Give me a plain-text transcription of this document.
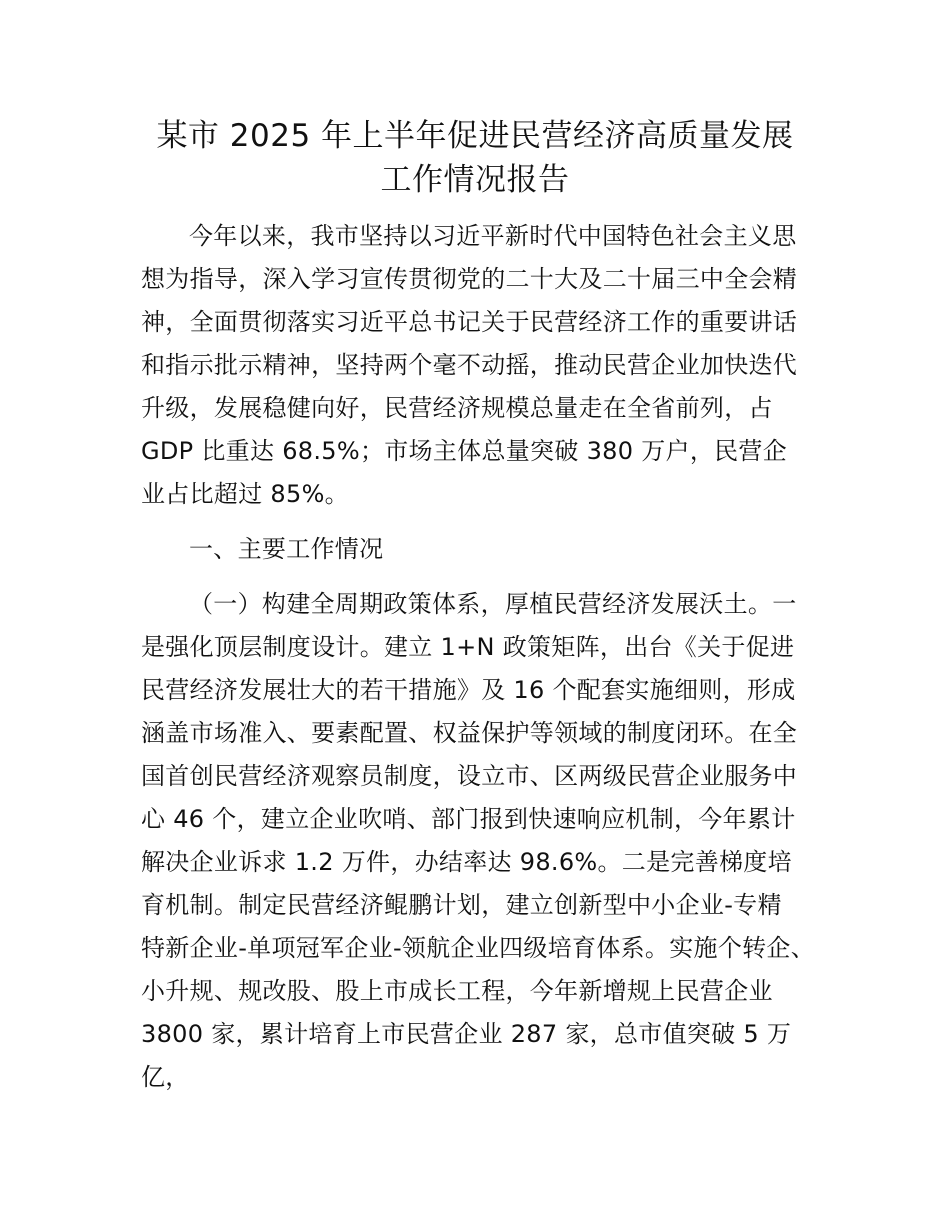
某市 2025 年上半年促进民营经济高质量发展
工作情况报告
今年以来，我市坚持以习近平新时代中国特色社会主义思
想为指导，深入学习宣传贯彻党的二十大及二十届三中全会精
神，全面贯彻落实习近平总书记关于民营经济工作的重要讲话
和指示批示精神，坚持两个毫不动摇，推动民营企业加快迭代
升级，发展稳健向好，民营经济规模总量走在全省前列，占
GDP 比重达 68.5%；市场主体总量突破 380 万户，民营企
业占比超过 85%。
一、主要工作情况
（一）构建全周期政策体系，厚植民营经济发展沃土。一
是强化顶层制度设计。建立 1+N 政策矩阵，出台《关于促进
民营经济发展壮大的若干措施》及 16 个配套实施细则，形成
涵盖市场准入、要素配置、权益保护等领域的制度闭环。在全
国首创民营经济观察员制度，设立市、区两级民营企业服务中
心 46 个，建立企业吹哨、部门报到快速响应机制，今年累计
解决企业诉求 1.2 万件，办结率达 98.6%。二是完善梯度培
育机制。制定民营经济鲲鹏计划，建立创新型中小企业-专精
特新企业-单项冠军企业-领航企业四级培育体系。实施个转企、
小升规、规改股、股上市成长工程，今年新增规上民营企业
3800 家，累计培育上市民营企业 287 家，总市值突破 5 万
亿，
